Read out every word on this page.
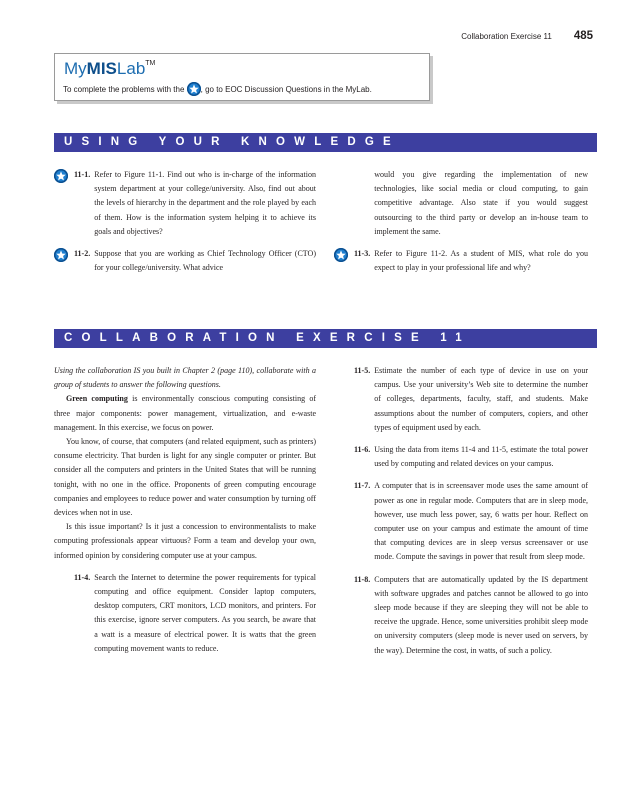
Collaboration Exercise 11 485
MyMISLab™
To complete the problems with the
, go to EOC Discussion Questions in the MyLab.
USING YOUR KNOWLEDGE
11-1. Refer to Figure 11-1. Find out who is in-charge of the information system department at your college/university. Also, find out about the levels of hierarchy in the department and the role played by each of them. How is the information system helping it to achieve its goals and objectives?
11-2. Suppose that you are working as Chief Technology Officer (CTO) for your college/university. What advice
would you give regarding the implementation of new technologies, like social media or cloud computing, to gain competitive advantage. Also state if you would suggest outsourcing to the third party or develop an in-house team to implement the same.
11-3. Refer to Figure 11-2. As a student of MIS, what role do you expect to play in your professional life and why?
COLLABORATION EXERCISE 11

Using the collaboration IS you built in Chapter 2 (page 110), collaborate with a group of students to answer the following questions.

Green computing is environmentally conscious computing consisting of three major components: power management, virtualization, and e-waste management. In this exercise, we focus on power.

You know, of course, that computers (and related equipment, such as printers) consume electricity. That burden is light for any single computer or printer. But consider all the computers and printers in the United States that will be running tonight, with no one in the office. Proponents of green computing encourage companies and employees to reduce power and water consumption by turning off devices when not in use.

Is this issue important? Is it just a concession to environmentalists to make computing professionals appear virtuous? Form a team and develop your own, informed opinion by considering computer use at your campus.

11-4. Search the Internet to determine the power requirements for typical computing and office equipment. Consider laptop computers, desktop computers, CRT monitors, LCD monitors, and printers. For this exercise, ignore server computers. As you search, be aware that a watt is a measure of electrical power. It is watts that the green computing movement wants to reduce.
11-5. Estimate the number of each type of device in use on your campus. Use your university’s Web site to determine the number of colleges, departments, faculty, staff, and students. Make assumptions about the number of computers, copiers, and other types of equipment used by each.
11-6. Using the data from items 11-4 and 11-5, estimate the total power used by computing and related devices on your campus.
11-7. A computer that is in screensaver mode uses the same amount of power as one in regular mode. Computers that are in sleep mode, however, use much less power, say, 6 watts per hour. Reflect on computer use on your campus and estimate the amount of time that computing devices are in sleep versus screensaver or use mode. Compute the savings in power that result from sleep mode.
11-8. Computers that are automatically updated by the IS department with software upgrades and patches cannot be allowed to go into sleep mode because if they are sleeping they will not be able to receive the upgrade. Hence, some universities prohibit sleep mode on university computers (sleep mode is never used on servers, by the way). Determine the cost, in watts, of such a policy.
